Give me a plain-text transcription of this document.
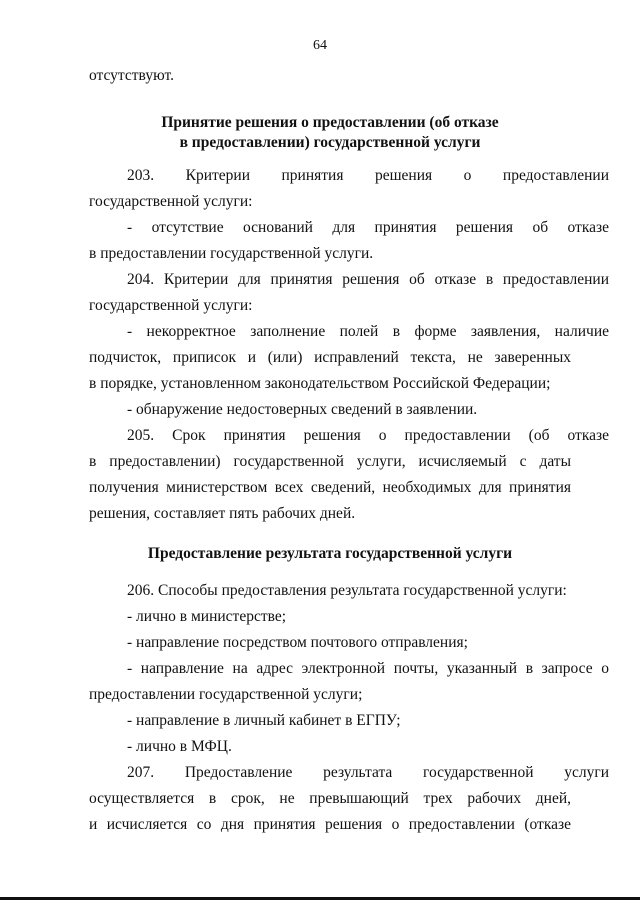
64
отсутствуют.
Принятие решения о предоставлении (об отказе
в предоставлении) государственной услуги
203. Критерии принятия решения о предоставлении
государственной услуги:
- отсутствие оснований для принятия решения об отказе
в предоставлении государственной услуги.
204. Критерии для принятия решения об отказе в предоставлении
государственной услуги:
- некорректное заполнение полей в форме заявления, наличие
подчисток, приписок и (или) исправлений текста, не заверенных
в порядке, установленном законодательством Российской Федерации;
- обнаружение недостоверных сведений в заявлении.
205. Срок принятия решения о предоставлении (об отказе
в предоставлении) государственной услуги, исчисляемый с даты
получения министерством всех сведений, необходимых для принятия
решения, составляет пять рабочих дней.
Предоставление результата государственной услуги
206. Способы предоставления результата государственной услуги:
- лично в министерстве;
- направление посредством почтового отправления;
- направление на адрес электронной почты, указанный в запросе о
предоставлении государственной услуги;
- направление в личный кабинет в ЕГПУ;
- лично в МФЦ.
207. Предоставление результата государственной услуги
осуществляется в срок, не превышающий трех рабочих дней,
и исчисляется со дня принятия решения о предоставлении (отказе
